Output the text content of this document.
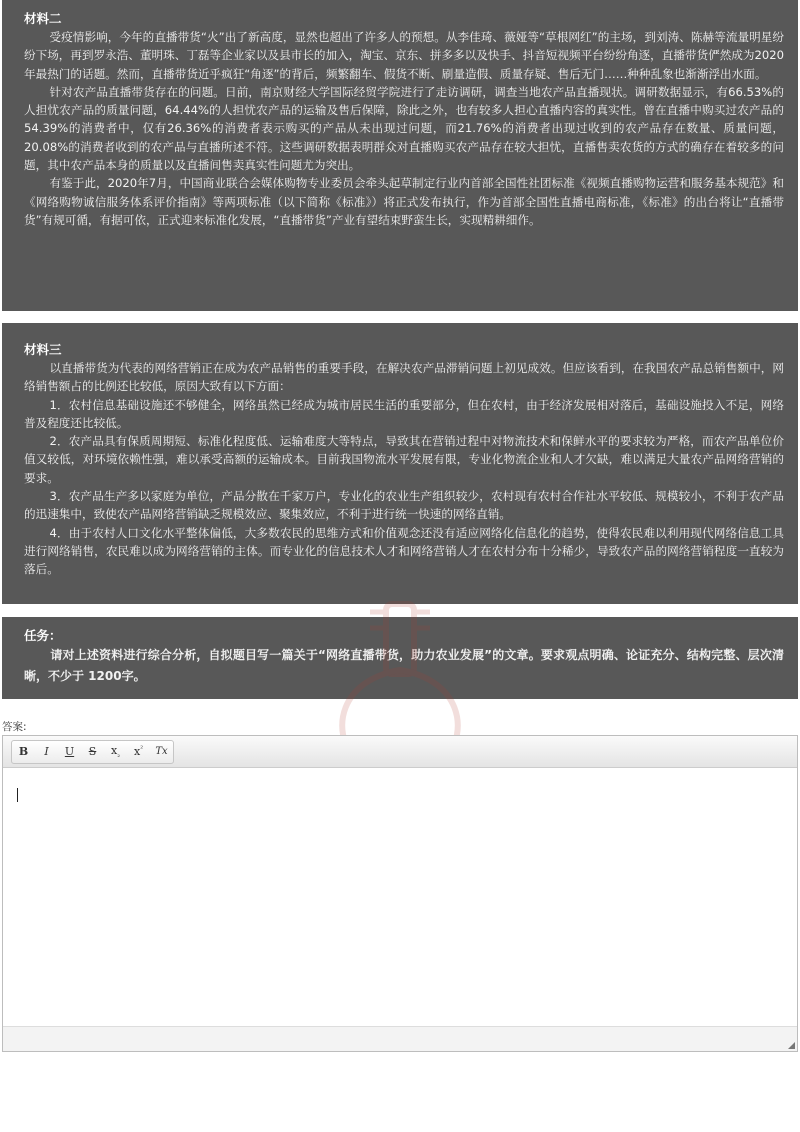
材料二

受疫情影响，今年的直播带货“火”出了新高度，显然也超出了许多人的预想。从李佳琦、薇娅等“草根网红”的主场，到刘涛、陈赫等流量明星纷纷下场，再到罗永浩、董明珠、丁磊等企业家以及县市长的加入，淘宝、京东、拼多多以及快手、抖音短视频平台纷纷角逐，直播带货俨然成为2020年最热门的话题。然而，直播带货近乎疯狂“角逐”的背后，频繁翻车、假货不断、刷量造假、质量存疑、售后无门……种种乱象也渐渐浮出水面。

针对农产品直播带货存在的问题。日前，南京财经大学国际经贸学院进行了走访调研，调查当地农产品直播现状。调研数据显示，有66.53%的人担忧农产品的质量问题，64.44%的人担忧农产品的运输及售后保障，除此之外，也有较多人担心直播内容的真实性。曾在直播中购买过农产品的54.39%的消费者中，仅有26.36%的消费者表示购买的产品从未出现过问题，而21.76%的消费者出现过收到的农产品存在数量、质量问题，20.08%的消费者收到的农产品与直播所述不符。这些调研数据表明群众对直播购买农产品存在较大担忧，直播售卖农货的方式的确存在着较多的问题，其中农产品本身的质量以及直播间售卖真实性问题尤为突出。

有鉴于此，2020年7月，中国商业联合会媒体购物专业委员会牵头起草制定行业内首部全国性社团标准《视频直播购物运营和服务基本规范》和《网络购物诚信服务体系评价指南》等两项标准（以下简称《标准》）将正式发布执行，作为首部全国性直播电商标准，《标准》的出台将让“直播带货”有规可循，有据可依，正式迎来标准化发展，“直播带货”产业有望结束野蛮生长，实现精耕细作。

材料三

以直播带货为代表的网络营销正在成为农产品销售的重要手段，在解决农产品滞销问题上初见成效。但应该看到，在我国农产品总销售额中，网络销售额占的比例还比较低，原因大致有以下方面：

1．农村信息基础设施还不够健全，网络虽然已经成为城市居民生活的重要部分，但在农村，由于经济发展相对落后，基础设施投入不足，网络普及程度还比较低。

2．农产品具有保质周期短、标准化程度低、运输难度大等特点，导致其在营销过程中对物流技术和保鲜水平的要求较为严格，而农产品单位价值又较低，对环境依赖性强，难以承受高额的运输成本。目前我国物流水平发展有限，专业化物流企业和人才欠缺，难以满足大量农产品网络营销的要求。

3．农产品生产多以家庭为单位，产品分散在千家万户，专业化的农业生产组织较少，农村现有农村合作社水平较低、规模较小，不利于农产品的迅速集中，致使农产品网络营销缺乏规模效应、聚集效应，不利于进行统一快速的网络直销。

4．由于农村人口文化水平整体偏低，大多数农民的思维方式和价值观念还没有适应网络化信息化的趋势，使得农民难以利用现代网络信息工具进行网络销售，农民难以成为网络营销的主体。而专业化的信息技术人才和网络营销人才在农村分布十分稀少，导致农产品的网络营销程度一直较为落后。

任务：

请对上述资料进行综合分析，自拟题目写一篇关于“网络直播带货，助力农业发展”的文章。要求观点明确、论证充分、结构完整、层次清晰，不少于 1200字。

答案:
B I U S $x_{_2}$ $x^{^2}$ Tx
